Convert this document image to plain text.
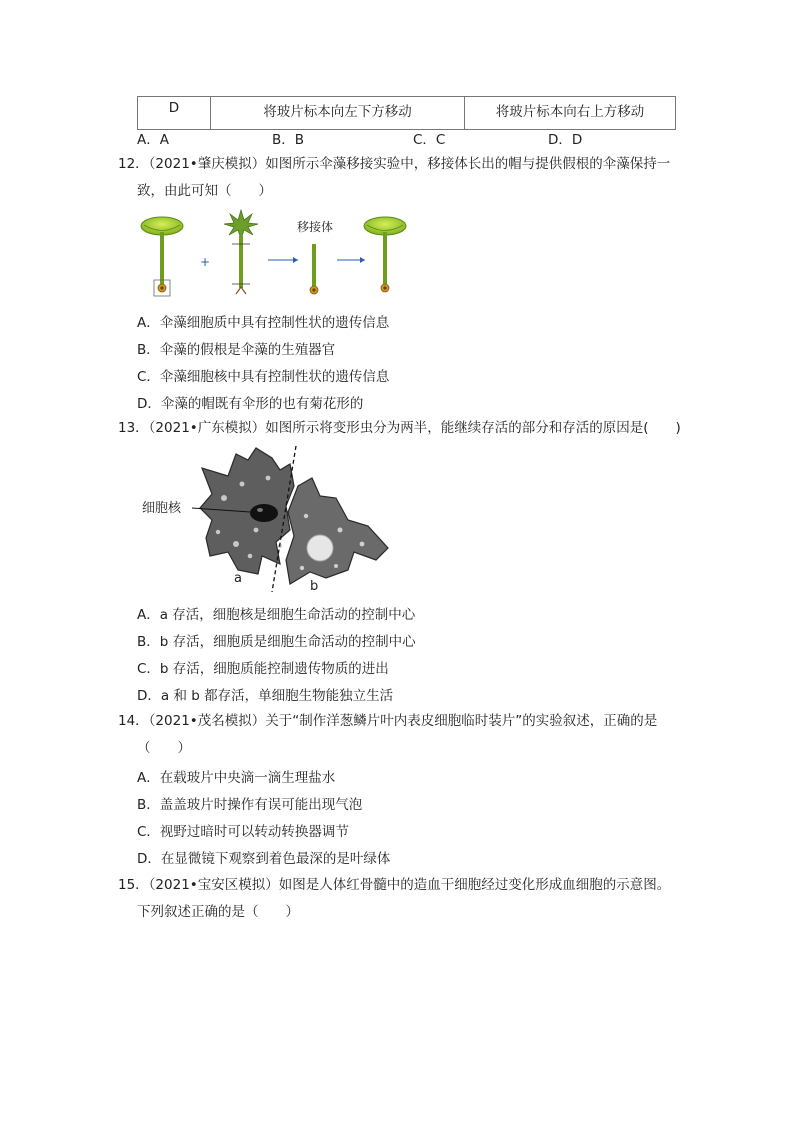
D	将玻片标本向左下方移动	将玻片标本向右上方移动
A．A	B．B	C．C	D．D
12．（2021•肇庆模拟）如图所示伞藻移接实验中，移接体长出的帽与提供假根的伞藻保持一
致，由此可知（　　）
+
移接体
A．伞藻细胞质中具有控制性状的遗传信息
B．伞藻的假根是伞藻的生殖器官
C．伞藻细胞核中具有控制性状的遗传信息
D．伞藻的帽既有伞形的也有菊花形的
13．（2021•广东模拟）如图所示将变形虫分为两半，能继续存活的部分和存活的原因是(　　)
细胞核
a
b
A．a 存活，细胞核是细胞生命活动的控制中心
B．b 存活，细胞质是细胞生命活动的控制中心
C．b 存活，细胞质能控制遗传物质的进出
D．a 和 b 都存活，单细胞生物能独立生活
14．（2021•茂名模拟）关于“制作洋葱鳞片叶内表皮细胞临时装片”的实验叙述，正确的是
（　　）
A．在载玻片中央滴一滴生理盐水
B．盖盖玻片时操作有误可能出现气泡
C．视野过暗时可以转动转换器调节
D．在显微镜下观察到着色最深的是叶绿体
15．（2021•宝安区模拟）如图是人体红骨髓中的造血干细胞经过变化形成血细胞的示意图。
下列叙述正确的是（　　）
